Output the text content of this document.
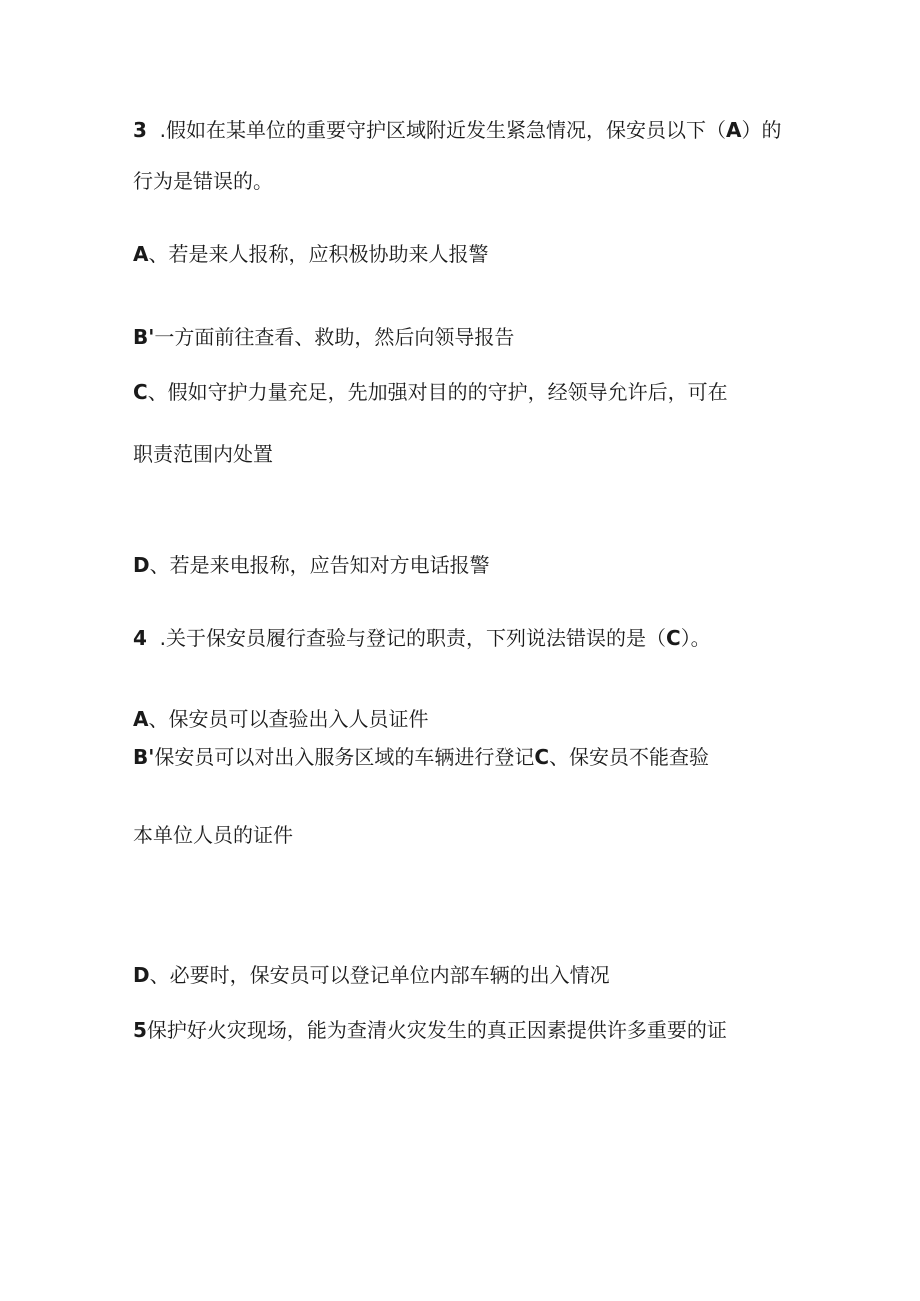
3 .假如在某单位的重要守护区域附近发生紧急情况，保安员以下（A）的
行为是错误的。
A、若是来人报称，应积极协助来人报警
B'一方面前往查看、救助，然后向领导报告
C、假如守护力量充足，先加强对目的的守护，经领导允许后，可在
职责范围内处置
D、若是来电报称，应告知对方电话报警
4 .关于保安员履行查验与登记的职责，下列说法错误的是（C）。
A、保安员可以查验出入人员证件
B'保安员可以对出入服务区域的车辆进行登记C、保安员不能查验
本单位人员的证件
D、必要时，保安员可以登记单位内部车辆的出入情况
5保护好火灾现场，能为查清火灾发生的真正因素提供许多重要的证
